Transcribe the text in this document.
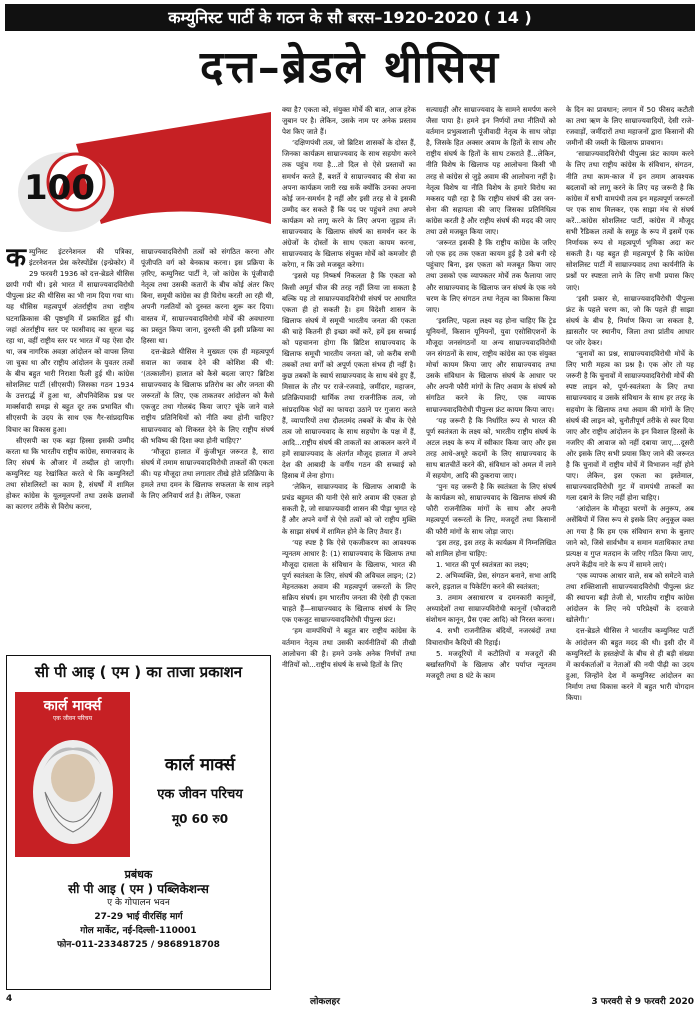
कम्युनिस्ट पार्टी के गठन के सौ बरस–1920-2020 ( 14 )
दत्त–ब्रेडले थीसिस
100

कम्युनिस्ट इंटरनेशनल की पत्रिका, इंटरनेशनल प्रेस करेस्पोंडेंस (इन्प्रेकोर) में 29 फरवरी 1936 को दत्त-ब्रेडले थीसिस छापी गयी थी। इसे भारत में साम्राज्यवादविरोधी पीपुल्स फ्रंट की थीसिस का भी नाम दिया गया था। यह थीसिस महत्वपूर्ण अंतर्राष्ट्रीय तथा राष्ट्रीय घटनाक्रिकास की पृष्ठभूमि में प्रकाशित हुई थी। जहां अंतर्राष्ट्रीय स्तर पर फासीवाद का सूरज चढ़ रहा था, वहीं राष्ट्रीय स्तर पर भारत में यह ऐसा दौर था, जब नागरिक अवज्ञा आंदोलन को वापस लिया जा चुका था और राष्ट्रीय आंदोलन के युवतर तत्वों के बीच बहुत भारी निराशा फैली हुई थी। कांग्रेस सोशलिस्ट पार्टी (सीएसपी) जिसका गठन 1934 के उत्तरार्द्ध में हुआ था, औपनिवेशिक प्रश्न पर मार्क्सवादी समझ से बहुत दूर तक प्रभावित थी। सीएसपी के उदय के साथ एक गैर-सांप्रदायिक विचार का विकास हुआ।

सीएसपी का एक बड़ा हिस्सा इसकी उम्मीद करता था कि भारतीय राष्ट्रीय कांग्रेस, समाजवाद के लिए संघर्ष के औजार में तब्दील हो जाएगी। कम्युनिस्ट यह रेखांकित करते थे कि कम्युनिस्टों तथा सोशलिस्टों का काम है, संघर्षों में शामिल होकर कांग्रेस के यूलमूलपनों तथा उसके छलावों का कारगर तरीके से विरोध करना,

साम्राज्यवादविरोधी तत्वों को संगठित करना और पूंजीपति वर्ग को बेनकाब करना। इस प्रक्रिया के ज़रिए, कम्युनिस्ट पार्टी ने, जो कांग्रेस के पूंजीवादी नेतृत्व तथा उसकी कतारों के बीच कोई अंतर किए बिना, समूची कांग्रेस का ही विरोध करती आ रही थी, अपनी गलतियों को दुरुस्त करना शुरू कर दिया। वास्तव में, साम्राज्यवादविरोधी मोर्चे की अवधारणा का प्रस्तुत किया जाना, दुरुस्ती की इसी प्रक्रिया का हिस्सा था।

दत्त-ब्रेडले थीसिस ने मुख्यतः एक ही महत्वपूर्ण सवाल का जवाब देने की कोशिश की थी: ‘(तत्कालीन) हालात को कैसे बदला जाए? ब्रिटिश साम्राज्यवाद के खिलाफ प्रतिरोध का और जनता की जरूरतों के लिए, एक ताकतवर आंदोलन को कैसे एकजुट तथा गोलबंद किया जाए? चूंके जाने वाले राष्ट्रीय प्रतिनिधियों को नीति क्या होनी चाहिए? साम्राज्यवाद को शिकस्त देने के लिए राष्ट्रीय संघर्ष की भविष्य की दिशा क्या होनी चाहिए?’

‘मौजूदा हालात में कुंजीभूत जरूरत है, सारा संघर्ष में तमाम साम्राज्यवादविरोधी ताकतों की एकता की। यह मौजूदा तथा लगातार तीखे होते प्रतिक्रिया के हमले तथा दमन के खिलाफ सफलता के साथ लड़ने के लिए अनिवार्य शर्त है। लेकिन, एकता

क्या है? एकता को, संयुक्त मोर्चे की बात, आज हरेक जुबान पर है। लेकिन, उसके नाम पर अनेक प्रस्ताव पेश किए जाते हैं।

‘दक्षिणपंथी तत्व, जो ब्रिटिश शासकों के दोस्त हैं, जिनका कार्यक्रम साम्राज्यवाद के साथ सहयोग करने तक पहुंच गया है...तो दिल से ऐसे प्रस्तावों का समर्थन करते हैं, बशर्ते वे साम्राज्यवाद की सेवा का अपना कार्यक्रम जारी रख सकें क्योंकि उनका अपना कोई जन-समर्थन है नहीं और इसी तरह से वे इसकी उम्मीद कर सकते हैं कि पद पर पहुंचने तथा अपने कार्यक्रम को लागू करने के लिए अपना जुड़ाव लें। साम्राज्यवाद के खिलाफ संघर्ष का समर्थन कर के अंग्रेजों के दोस्तों के साथ एकता कायम करना, साम्राज्यवाद के खिलाफ संयुक्त मोर्चे को कमजोर ही करेगा, न कि उसे मजबूत करेगा।

‘इससे यह निष्कर्ष निकलता है कि एकता को किसी अमूर्त चीज की तरह नहीं लिया जा सकता है बल्कि यह तो साम्राज्यवादविरोधी संघर्ष पर आधारित एकता ही हो सकती है। हम विदेशी शासन के खिलाफ संघर्ष में समूची भारतीय जनता की एकता की चाहे कितनी ही इच्छा क्यों करें, हमें इस सच्चाई को पहचानना होगा कि ब्रिटिश साम्राज्यवाद के खिलाफ समूची भारतीय जनता को, जो करीब सभी तबकों तथा वर्गों को अपूर्ण एकता संभव ही नहीं है। कुछ तबकों के स्वार्थ साम्राज्यवाद के साथ बंधे हुए हैं, मिसाल के तौर पर राजे-रजवाड़े, जमींदार, महाजन, प्रतिक्रियावादी धार्मिक तथा राजनीतिक तत्व, जो सांप्रदायिक भेदों का फायदा उठाने पर गुजारा करते हैं, व्यापारियों तथा दौलतमंद तबकों के बीच के ऐसे तत्व जो साम्राज्यवाद के साथ सहयोग के पक्ष में हैं, आदि...राष्ट्रीय संघर्ष की ताकतों का आकलन करने में हमें साम्राज्यवाद के अंतर्गत मौजूद हालात में अपने देश की आबादी के वर्गीय गठन की सच्चाई को हिसाब में लेना होगा।

‘लेकिन, साम्राज्यवाद के खिलाफ आबादी के प्रचंड बहुमत की यानी ऐसे सारे अवाम की एकता हो सकती है, जो साम्राज्यवादी शासन की पीड़ा भुगत रहे हैं और अपने वर्गों से ऐसे तत्वों को जो राष्ट्रीय मुक्ति के साझा संघर्ष में शामिल होने के लिए तैयार हैं।

‘यह स्पष्ट है कि ऐसे एकजीकरण का आवश्यक न्यूनतम आधार है: (1) साम्राज्यवाद के खिलाफ तथा मौजूदा दासता के संविधान के खिलाफ, भारत की पूर्ण स्वतंत्रता के लिए, संघर्ष की अविचल लाइन; (2) मेहनतकश अवाम की महत्वपूर्ण जरूरतों के लिए सक्रिय संघर्ष। हम भारतीय जनता की ऐसी ही एकता चाहते हैं—साम्राज्यवाद के खिलाफ संघर्ष के लिए एक एकजुट साम्राज्यवादविरोधी पीपुल्स फ्रंट।

‘हम वामपंथियों ने बहुत बार राष्ट्रीय कांग्रेस के वर्तमान नेतृत्व तथा उसकी कार्यनीतियों की तीखी आलोचना की है। हमने उनके अनेक निर्णयों तथा नीतियों को...राष्ट्रीय संघर्ष के सच्चे हितों के लिए

सत्याग्रही और साम्राज्यवाद के सामने समर्पण करने जैसा पाया है। हमने इन निर्णयों तथा नीतियों को वर्तमान प्रभुत्वशाली पूंजीवादी नेतृत्व के साथ जोड़ा है, जिसके हित अक्सर अवाम के हितों के साथ और राष्ट्रीय संघर्ष के हितों के साथ टकराते हैं...लेकिन, नीति विशेष के खिलाफ यह आलोचना किसी भी तरह से कांग्रेस से जुड़े अवाम की आलोचना नहीं है। नेतृत्व विशेष या नीति विशेष के हमारे विरोध का मकसद यही रहा है कि राष्ट्रीय संघर्ष की उस जन-सेना की सहायता की जाए जिसका प्रतिनिधित्व कांग्रेस करती है और राष्ट्रीय संघर्ष की मदद की जाए तथा उसे मजबूत किया जाए।

‘जरूरत इसकी है कि राष्ट्रीय कांग्रेस के जरिए जो एक हद तक एकता कायम हुई है उसे बनी रहे पहुंचाए बिना, इस एकता को मजबूत किया जाए तथा उसको एक व्यापकतर मोर्चे तक फैलाया जाए और साम्राज्यवाद के खिलाफ जन संघर्ष के एक नये चरण के लिए संगठन तथा नेतृत्व का विकास किया जाए।

‘इसलिए, पहला लक्ष्य यह होना चाहिए कि ट्रेड यूनियनों, किसान यूनियनों, युवा एसोसिएशनों के मौजूदा जनसंगठनों या अन्य साम्राज्यवादविरोधी जन संगठनों के साथ, राष्ट्रीय कांग्रेस का एक संयुक्त मोर्चा कायम किया जाए और साम्राज्यवाद तथा उसके संविधान के खिलाफ संघर्ष के आधार पर और अपनी फौरी मांगों के लिए अवाम के संघर्ष को संगठित करने के लिए, एक व्यापक साम्राज्यवादविरोधी पीपुल्स फ्रंट कायम किया जाए।

‘यह जरूरी है कि निर्धारित रूप से भारत की पूर्ण स्वतंत्रता के लक्ष्य को, भारतीय राष्ट्रीय संघर्ष के अटल लक्ष्य के रूप में स्वीकार किया जाए और इस तरह आधे-अधूरे कदमों के लिए साम्राज्यवाद के साथ बातचीतें करने की, संविधान को अमल में लाने में सहयोग, आदि की ठुकराया जाए।

‘पुनः यह जरूरी है कि स्वतंत्रता के लिए संघर्ष के कार्यक्रम को, साम्राज्यवाद के खिलाफ संघर्ष की फौरी राजनीतिक मांगों के साथ और अपनी महत्वपूर्ण जरूरतों के लिए, मजदूरों तथा किसानों की फौरी मांगों के साथ जोड़ा जाए।

‘इस तरह, इस तरह के कार्यक्रम में निम्नलिखित को शामिल होना चाहिए:

1. भारत की पूर्ण स्वतंत्रता का लक्ष्य;

2. अभिव्यक्ति, प्रेस, संगठन बनाने, सभा आदि करने, हड़ताल व पिकेटिंग करने की स्वतंत्रता;

3. तमाम असाधारण व दमनकारी कानूनों, अध्यादेशों तथा साम्राज्यविरोधी कानूनों (फौजदारी संशोधन कानून, प्रैस एक्ट आदि) को निरस्त करना।

4. सभी राजनीतिक बंदियों, नजरबंदों तथा विचाराधीन कैदियों की रिहाई।

5. मजदूरियों में कटौतियों व मजदूरों की बर्खास्तगियों के खिलाफ और पर्याप्त न्यूनतम मजदूरी तथा 8 घंटे के काम

के दिन का प्रावधान; लगान में 50 फीसद कटौती का तथा ऋण के लिए साम्राज्यवादियों, देसी राजे-रजवाड़ों, जमींदारों तथा महाजनों द्वारा किसानों की जमीनों की जब्ती के खिलाफ प्रावधान।

‘साम्राज्यवादविरोधी पीपुल्स फ्रंट कायम करने के लिए तथा राष्ट्रीय कांग्रेस के संविधान, संगठन, नीति तथा काम-काज में इन तमाम आवश्यक बदलावों को लागू करने के लिए यह जरूरी है कि कांग्रेस में सभी वामपंथी तत्व इन महत्वपूर्ण जरूरतों पर एक साथ मिलकर, एक साझा मंच से संघर्ष करें...कांग्रेस सोशलिस्ट पार्टी, कांग्रेस में मौजूद सभी रैडिकल तत्वों के समूह के रूप में इसमें एक निर्णायक रूप से महत्वपूर्ण भूमिका अदा कर सकती है। यह बहुत ही महत्वपूर्ण है कि कांग्रेस सोशलिस्ट पार्टी में साम्राज्यवाद तथा कार्यनीति के प्रश्नों पर स्पष्टता लाने के लिए सभी प्रयास किए जाएं।

‘इसी प्रकार से, साम्राज्यवादविरोधी पीपुल्स फ्रंट के पहले चरण का, जो कि पहले ही साझा संघर्ष के बीच है, निर्माण किया जा सकता है, ख़ासतौर पर स्थानीय, जिला तथा प्रांतीय आधार पर जोर देकर।

‘चुनावों का प्रश्न, साम्राज्यवादविरोधी मोर्चे के लिए भारी महत्व का प्रश्न है। एक ओर तो यह जरूरी है कि चुनावों में साम्राज्यवादविरोधी मोर्चे की स्पष्ट लाइन को, पूर्ण-स्वतंत्रता के लिए तथा साम्राज्यवाद व उसके संविधान के साथ हर तरह के सहयोग के खिलाफ तथा अवाम की मांगों के लिए संघर्ष की लाइन को, चुनौतीपूर्ण तरीके से स्वर दिया जाए और राष्ट्रीय आंदोलन के इन विशाल हिस्सों के नजरिए की आवाज को नहीं दबाया जाए,...दूसरी ओर इसके लिए सभी प्रयास किए जाने की जरूरत है कि चुनावों में राष्ट्रीय मोर्चे में विभाजन नहीं होने पाए। लेकिन, इस एकता का इस्तेमाल, साम्राज्यवादविरोधी गुट में वामपंथी ताकतों का गला दबाने के लिए नहीं होना चाहिए।

‘आंदोलन के मौजूदा चरणों के अनुरूप, अब असेंबियों में जिस रूप से इसके लिए अनुकूल वक्त आ गया है कि हम एक संविधान सभा के बुलाए जाने को, जिसे सार्वभौम व समान मताधिकार तथा प्रत्यक्ष व गुप्त मतदान के जरिए गठित किया जाए, अपने केंद्रीय नारे के रूप में सामने लाएं।

‘एक व्यापक आधार वाले, सब को समेटने वाले तथा शक्तिशाली साम्राज्यवादविरोधी पीपुल्स फ्रंट की स्थापना बड़ी तेजी से, भारतीय राष्ट्रीय कांग्रेस आंदोलन के लिए नये परिप्रेक्ष्यों के दरवाजे खोलेगी।’

दत्त-ब्रेडले थीसिस ने भारतीय कम्युनिस्ट पार्टी के आंदोलन की बहुत मदद की थी। इसी दौर में कम्युनिस्टों के हस्तक्षेपों के बीच से ही बड़ी संख्या में कार्यकर्ताओं व नेताओं की नयी पीढ़ी का उदय हुआ, जिन्होंने देश में कम्युनिस्ट आंदोलन का निर्माण तथा विकास करने में बहुत भारी योगदान किया।

सी पी आइ ( एम ) का ताजा प्रकाशन
कार्ल मार्क्स
एक जीवन परिचय
कार्ल मार्क्स
एक जीवन परिचय
मू0 60 रु0
प्रबंधक
सी पी आइ ( एम ) पब्लिकेशन्स
ए के गोपालन भवन
27-29 भाई वीरसिंह मार्ग
गोल मार्केट, नई-दिल्ली-110001
फोन-011-23348725 / 9868918708
4	लोकलहर	3 फरवरी से 9 फरवरी 2020
